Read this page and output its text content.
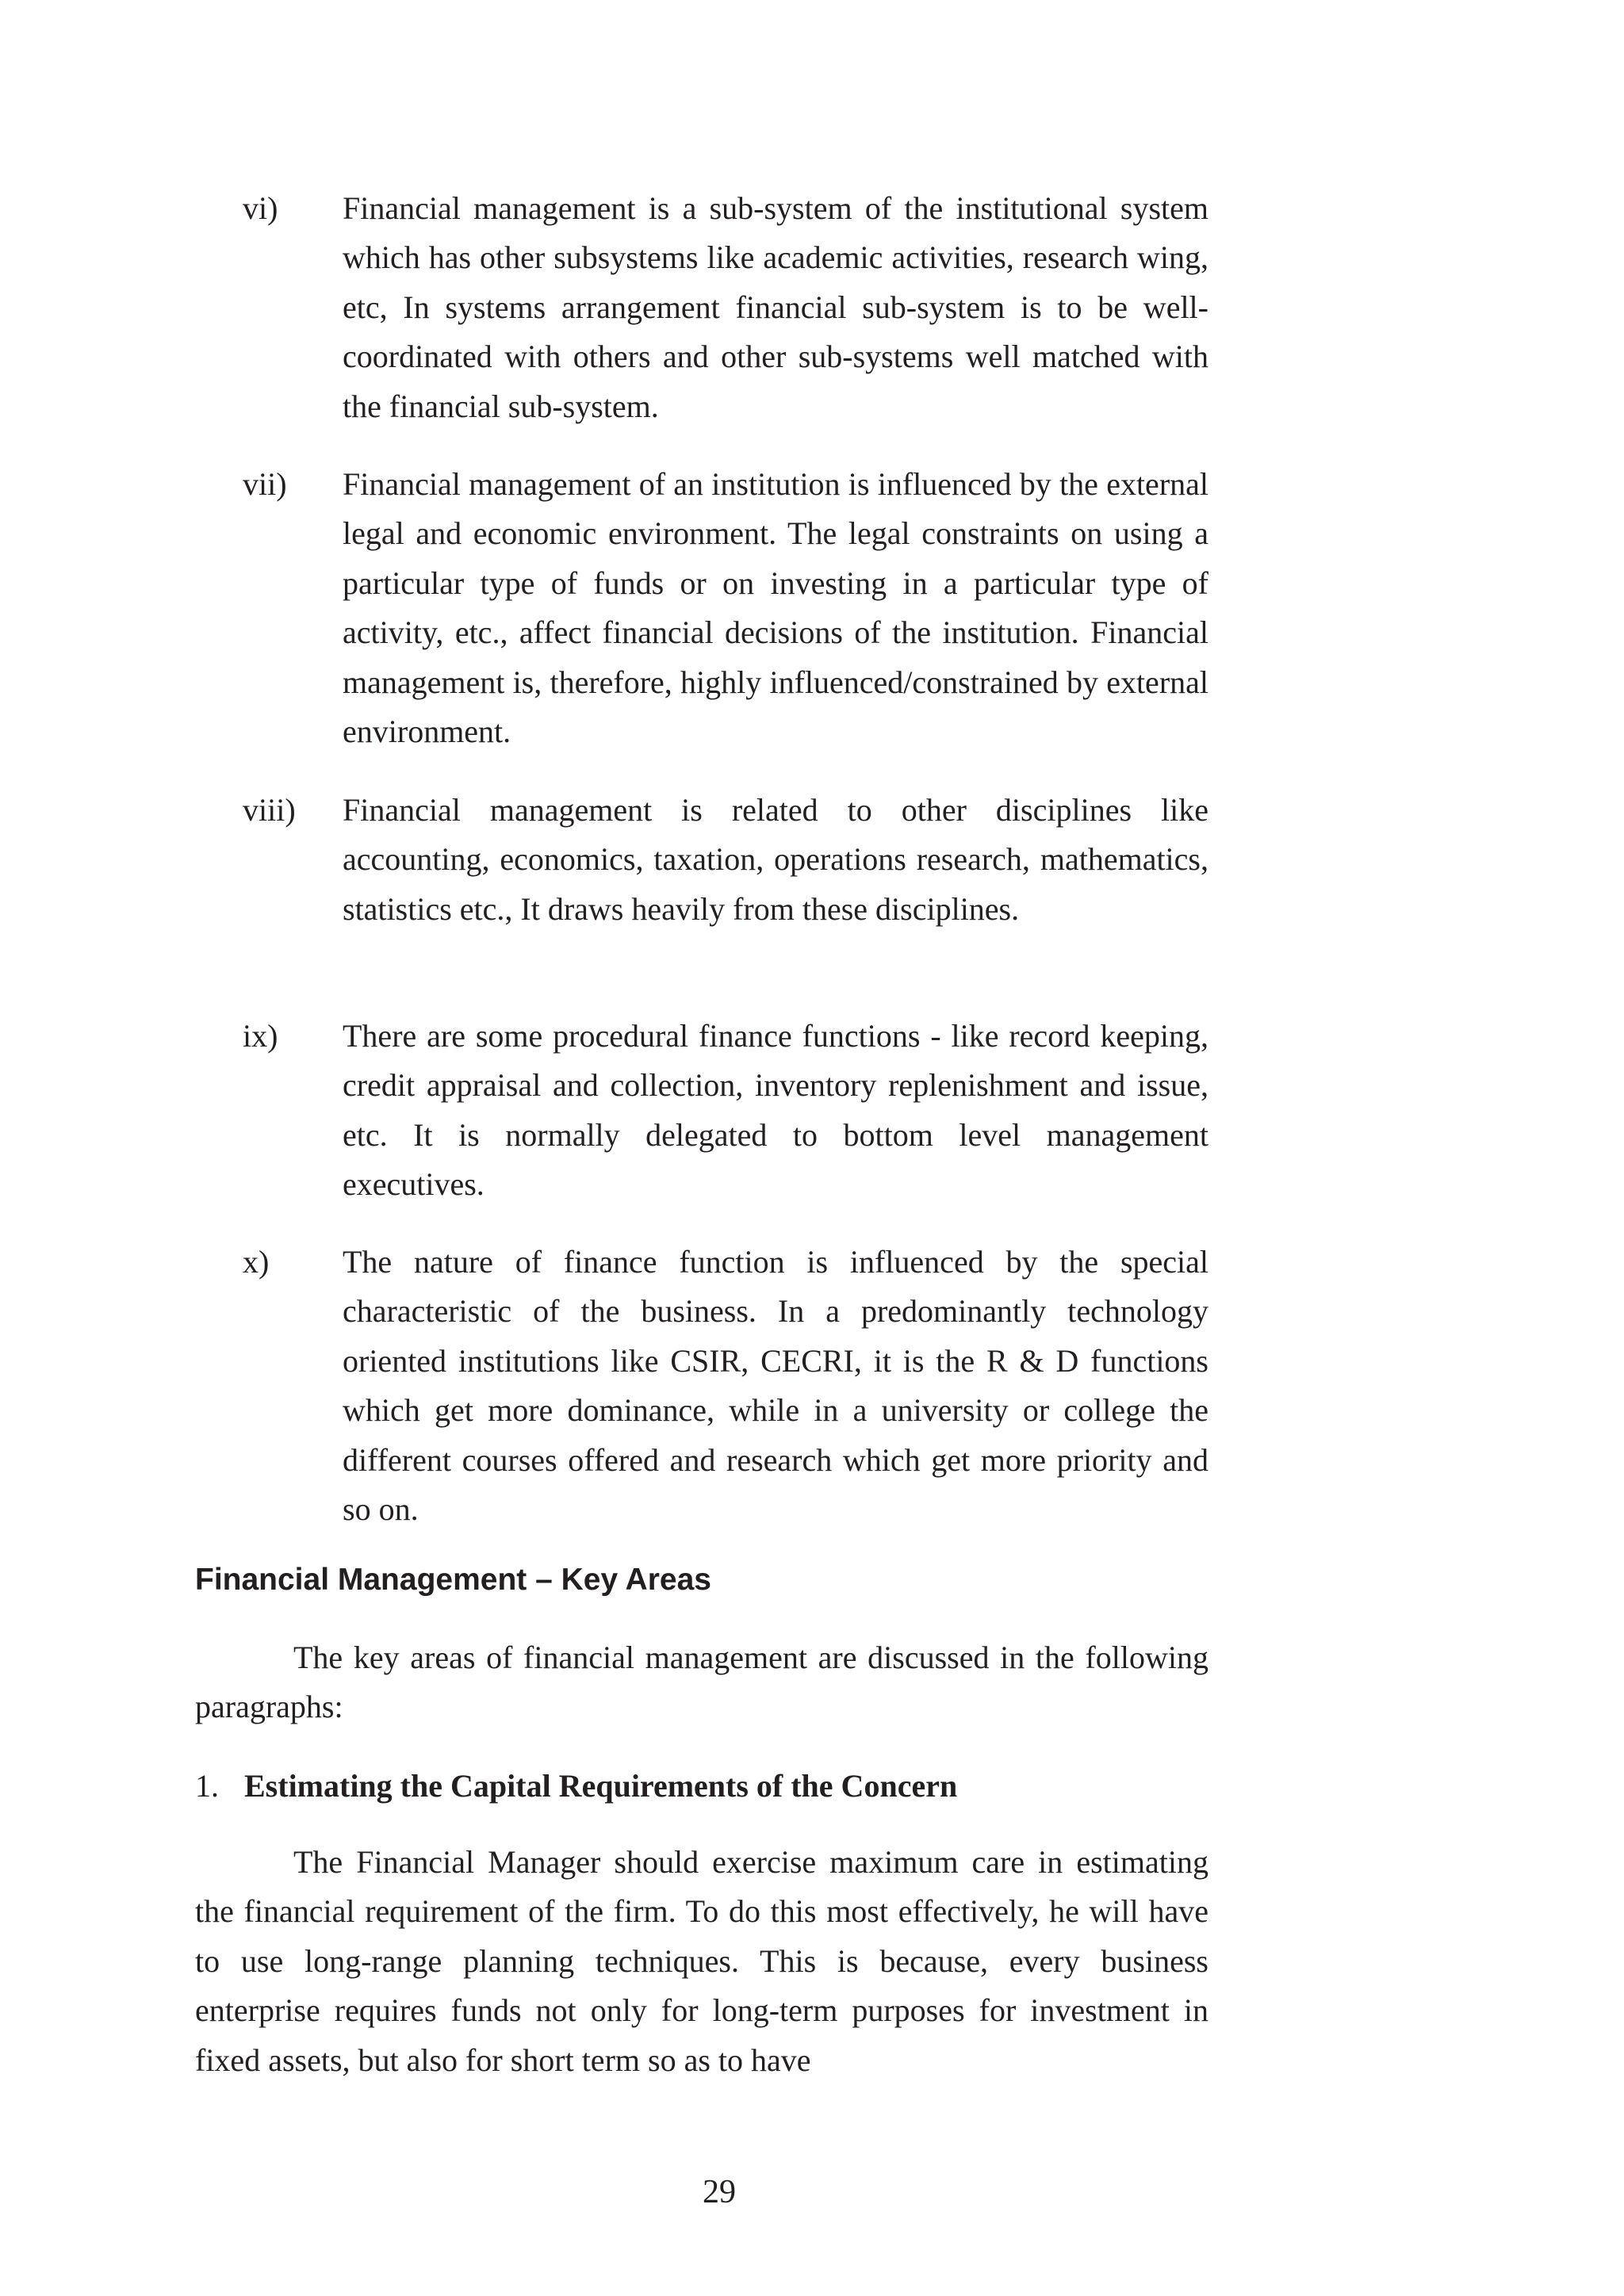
vi) Financial management is a sub-system of the institutional system which has other subsystems like academic activities, research wing, etc, In systems arrangement financial sub-system is to be well-coordinated with others and other sub-systems well matched with the financial sub-system.
vii) Financial management of an institution is influenced by the external legal and economic environment. The legal constraints on using a particular type of funds or on investing in a particular type of activity, etc., affect financial decisions of the institution. Financial management is, therefore, highly influenced/constrained by external environment.
viii) Financial management is related to other disciplines like accounting, economics, taxation, operations research, mathematics, statistics etc., It draws heavily from these disciplines.
ix) There are some procedural finance functions - like record keeping, credit appraisal and collection, inventory replenishment and issue, etc. It is normally delegated to bottom level management executives.
x) The nature of finance function is influenced by the special characteristic of the business. In a predominantly technology oriented institutions like CSIR, CECRI, it is the R & D functions which get more dominance, while in a university or college the different courses offered and research which get more priority and so on.
Financial Management – Key Areas

The key areas of financial management are discussed in the following paragraphs:

1. Estimating the Capital Requirements of the Concern

The Financial Manager should exercise maximum care in estimating the financial requirement of the firm. To do this most effectively, he will have to use long-range planning techniques. This is because, every business enterprise requires funds not only for long-term purposes for investment in fixed assets, but also for short term so as to have

29
